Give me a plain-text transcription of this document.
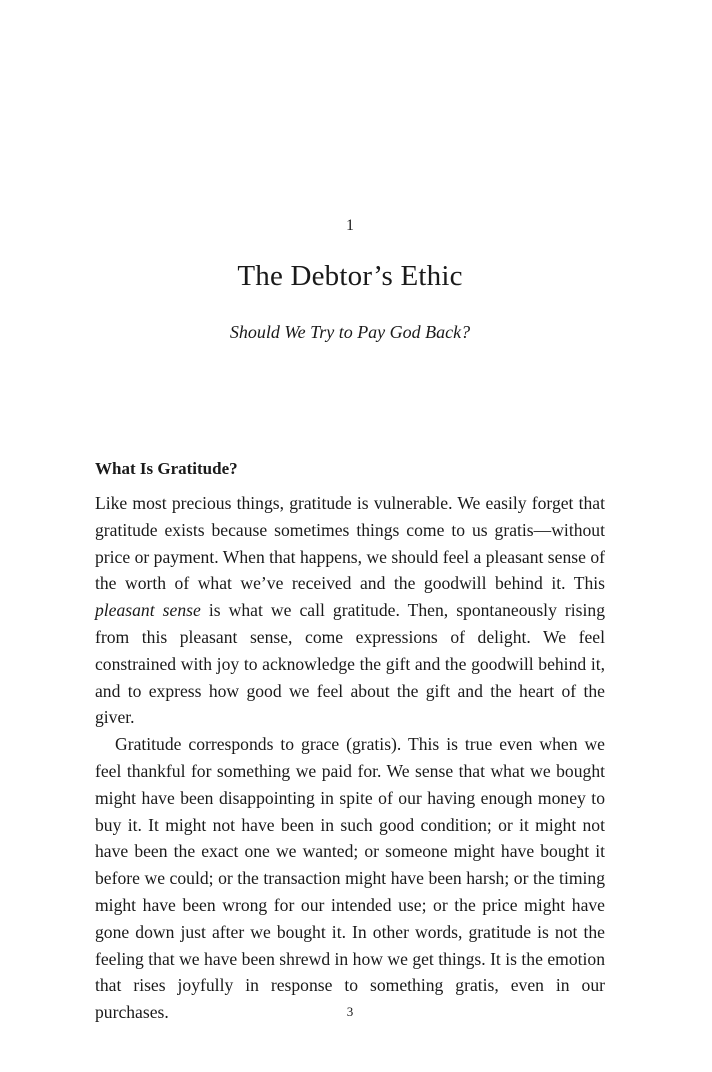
1
The Debtor’s Ethic
Should We Try to Pay God Back?
What Is Gratitude?

Like most precious things, gratitude is vulnerable. We easily forget that gratitude exists because sometimes things come to us gratis—without price or payment. When that happens, we should feel a pleasant sense of the worth of what we’ve received and the goodwill behind it. This pleasant sense is what we call gratitude. Then, spontaneously rising from this pleasant sense, come expressions of delight. We feel constrained with joy to acknowledge the gift and the goodwill behind it, and to express how good we feel about the gift and the heart of the giver.

Gratitude corresponds to grace (gratis). This is true even when we feel thankful for something we paid for. We sense that what we bought might have been disappointing in spite of our having enough money to buy it. It might not have been in such good condition; or it might not have been the exact one we wanted; or someone might have bought it before we could; or the transaction might have been harsh; or the timing might have been wrong for our intended use; or the price might have gone down just after we bought it. In other words, gratitude is not the feeling that we have been shrewd in how we get things. It is the emotion that rises joyfully in response to something gratis, even in our purchases.	3
